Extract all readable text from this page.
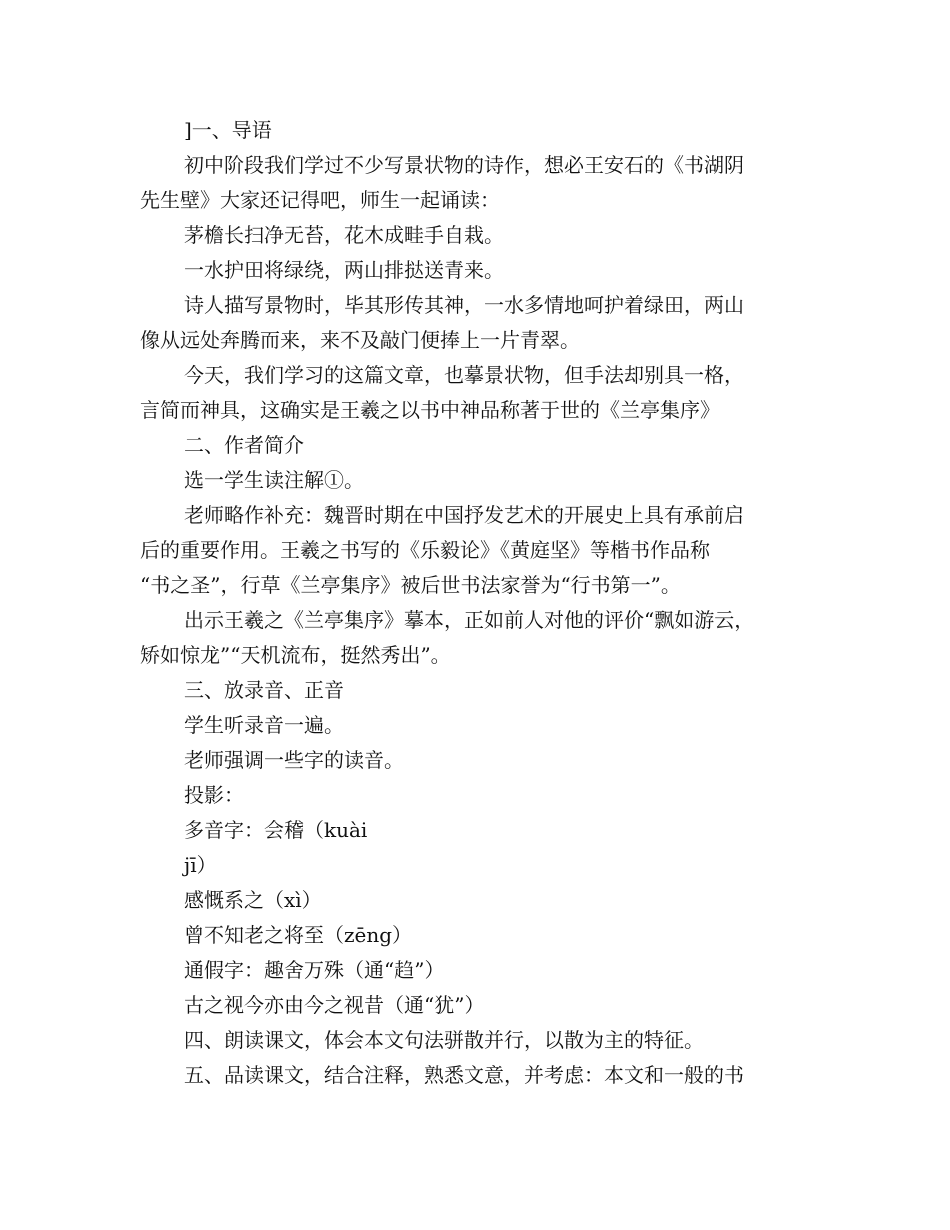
]一、导语
初中阶段我们学过不少写景状物的诗作，想必王安石的《书湖阴
先生壁》大家还记得吧，师生一起诵读：
茅檐长扫净无苔，花木成畦手自栽。
一水护田将绿绕，两山排挞送青来。
诗人描写景物时，毕其形传其神，一水多情地呵护着绿田，两山
像从远处奔腾而来，来不及敲门便捧上一片青翠。
今天，我们学习的这篇文章，也摹景状物，但手法却别具一格，
言简而神具，这确实是王羲之以书中神品称著于世的《兰亭集序》
二、作者简介
选一学生读注解①。
老师略作补充：魏晋时期在中国抒发艺术的开展史上具有承前启
后的重要作用。王羲之书写的《乐毅论》《黄庭坚》等楷书作品称
“书之圣”，行草《兰亭集序》被后世书法家誉为“行书第一”。
出示王羲之《兰亭集序》摹本，正如前人对他的评价“飘如游云，
矫如惊龙”“天机流布，挺然秀出”。
三、放录音、正音
学生听录音一遍。
老师强调一些字的读音。
投影：
多音字：会稽（kuài
jī）
感慨系之（xì）
曾不知老之将至（zēng）
通假字：趣舍万殊（通“趋”）
古之视今亦由今之视昔（通“犹”）
四、朗读课文，体会本文句法骈散并行，以散为主的特征。
五、品读课文，结合注释，熟悉文意，并考虑：本文和一般的书
